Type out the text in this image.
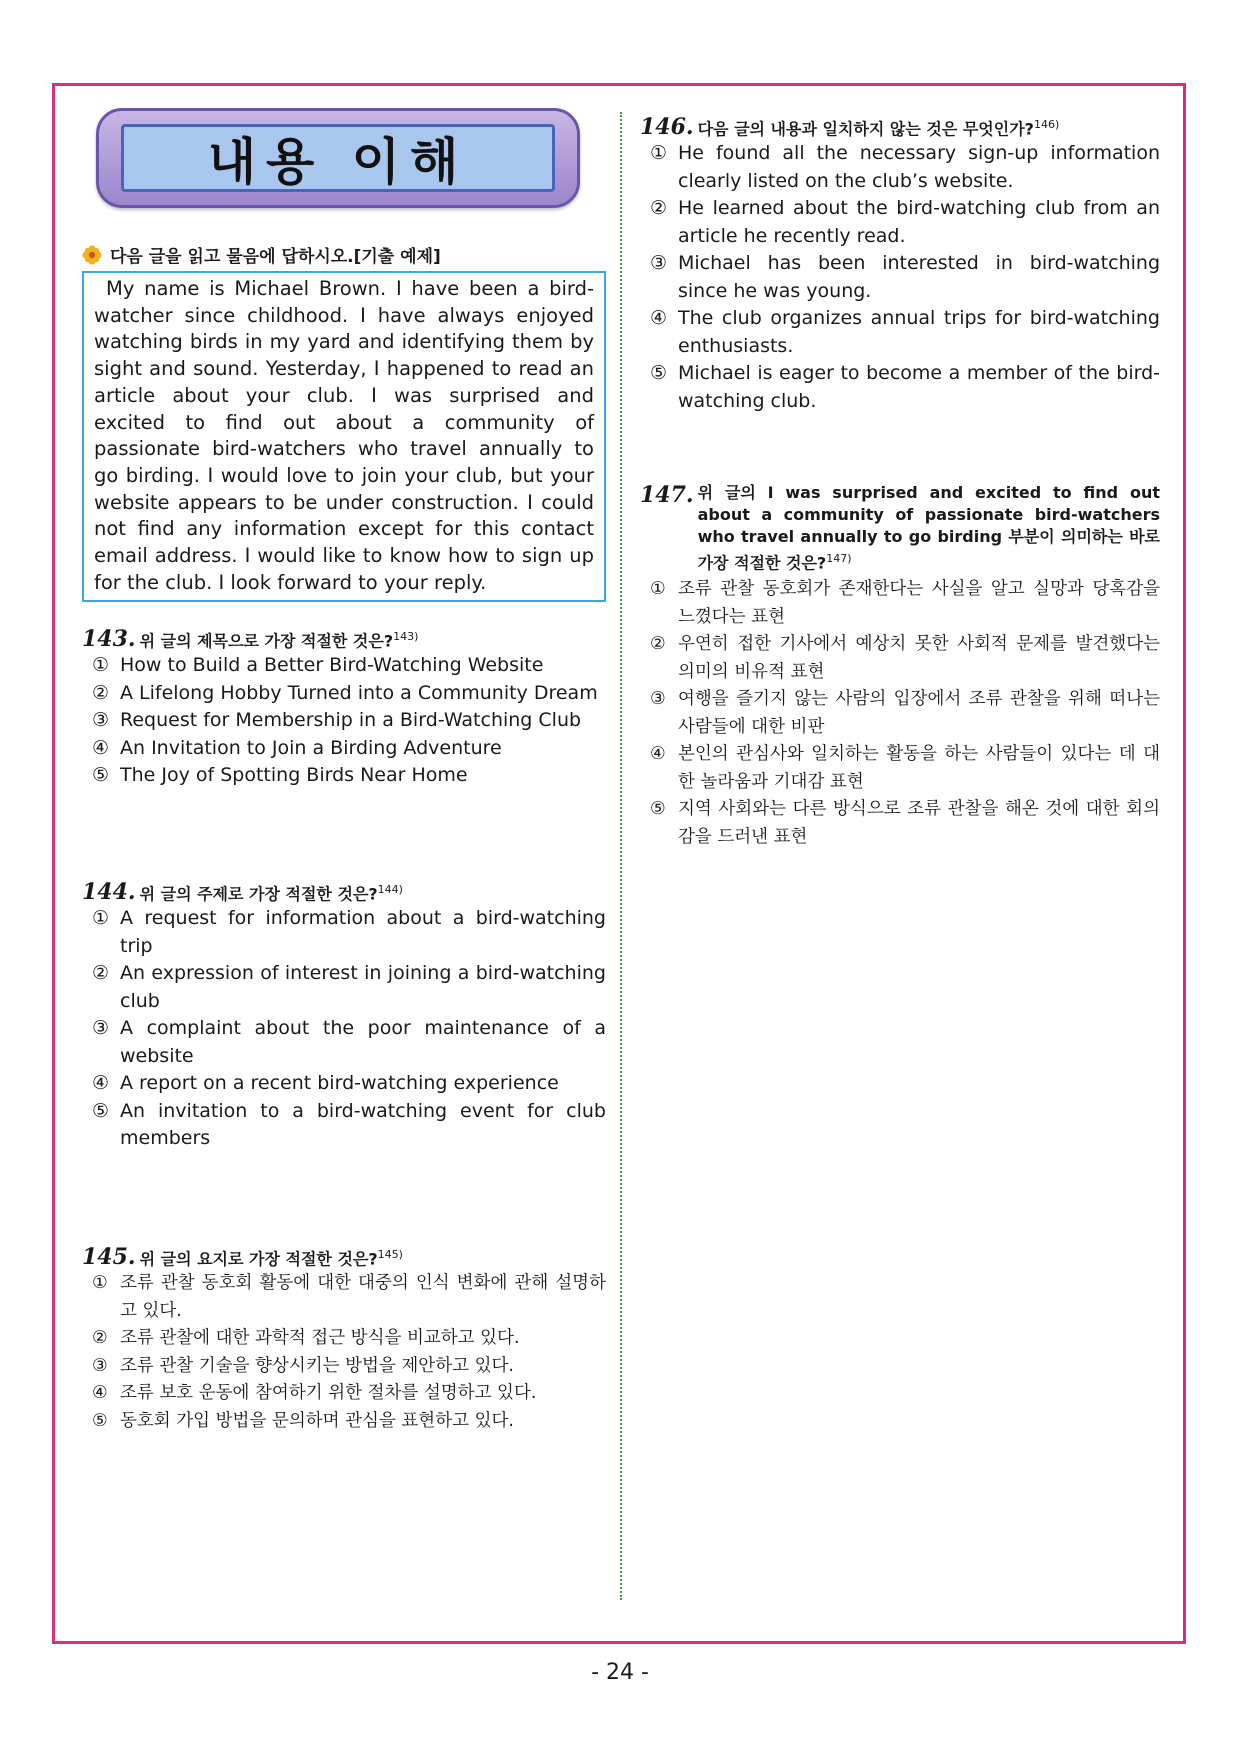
내용 이해
다음 글을 읽고 물음에 답하시오.[기출 예제]
My name is Michael Brown. I have been a bird-watcher since childhood. I have always enjoyed watching birds in my yard and identifying them by sight and sound. Yesterday, I happened to read an article about your club. I was surprised and excited to find out about a community of passionate bird-watchers who travel annually to go birding. I would love to join your club, but your website appears to be under construction. I could not find any information except for this contact email address. I would like to know how to sign up for the club. I look forward to your reply.
143. 위 글의 제목으로 가장 적절한 것은?$^{143)}$
① How to Build a Better Bird-Watching Website
② A Lifelong Hobby Turned into a Community Dream
③ Request for Membership in a Bird-Watching Club
④ An Invitation to Join a Birding Adventure
⑤ The Joy of Spotting Birds Near Home
144. 위 글의 주제로 가장 적절한 것은?$^{144)}$
① A request for information about a bird-watching trip
② An expression of interest in joining a bird-watching club
③ A complaint about the poor maintenance of a website
④ A report on a recent bird-watching experience
⑤ An invitation to a bird-watching event for club members
145. 위 글의 요지로 가장 적절한 것은?$^{145)}$
① 조류 관찰 동호회 활동에 대한 대중의 인식 변화에 관해 설명하고 있다.
② 조류 관찰에 대한 과학적 접근 방식을 비교하고 있다.
③ 조류 관찰 기술을 향상시키는 방법을 제안하고 있다.
④ 조류 보호 운동에 참여하기 위한 절차를 설명하고 있다.
⑤ 동호회 가입 방법을 문의하며 관심을 표현하고 있다.
146. 다음 글의 내용과 일치하지 않는 것은 무엇인가?$^{146)}$
① He found all the necessary sign-up information clearly listed on the club’s website.
② He learned about the bird-watching club from an article he recently read.
③ Michael has been interested in bird-watching since he was young.
④ The club organizes annual trips for bird-watching enthusiasts.
⑤ Michael is eager to become a member of the bird-watching club.
147. 위 글의 I was surprised and excited to find out about a community of passionate bird-watchers who travel annually to go birding 부분이 의미하는 바로 가장 적절한 것은?$^{147)}$
① 조류 관찰 동호회가 존재한다는 사실을 알고 실망과 당혹감을 느꼈다는 표현
② 우연히 접한 기사에서 예상치 못한 사회적 문제를 발견했다는 의미의 비유적 표현
③ 여행을 즐기지 않는 사람의 입장에서 조류 관찰을 위해 떠나는 사람들에 대한 비판
④ 본인의 관심사와 일치하는 활동을 하는 사람들이 있다는 데 대한 놀라움과 기대감 표현
⑤ 지역 사회와는 다른 방식으로 조류 관찰을 해온 것에 대한 회의감을 드러낸 표현
- 24 -
